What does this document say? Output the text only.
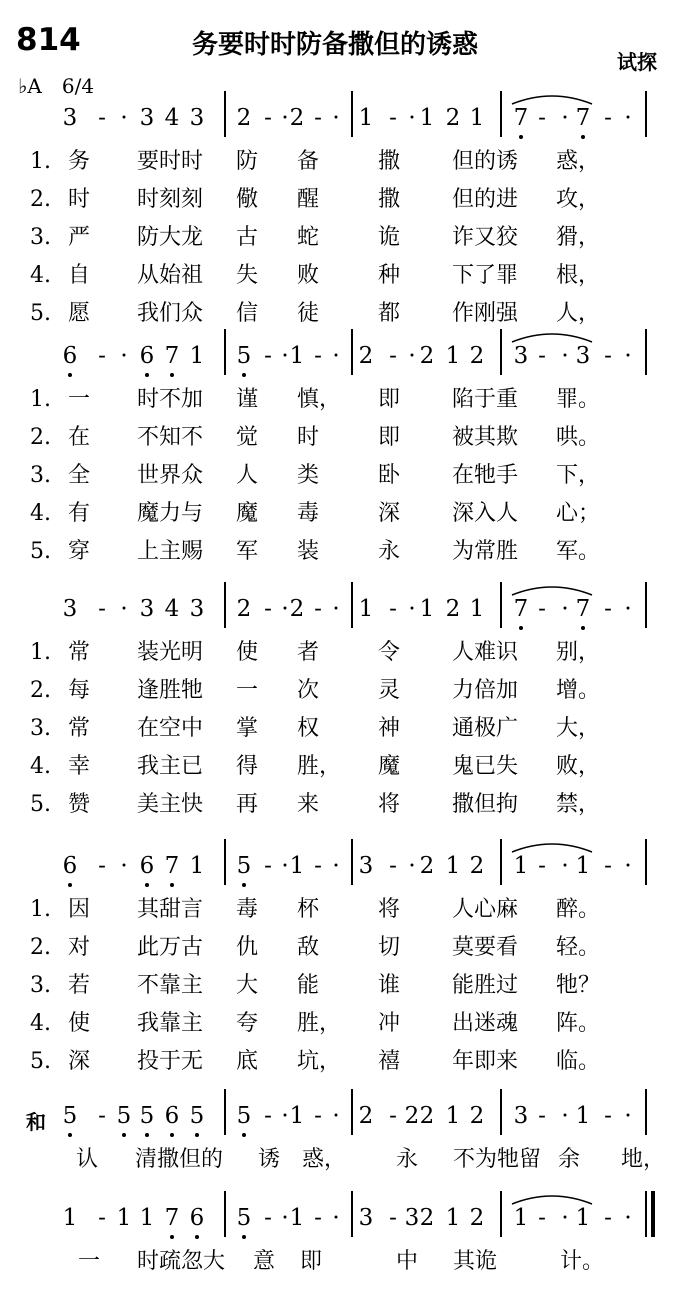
814	务要时时防备撒但的诱惑
试探
♭A　6/4
和
3 - · 3 4 3 2 - · 2 - · 1 - · 1 2 1 7 - · 7 - ·
1. 务 要时时 防 备	撒 但的诱 惑，
2. 时 时刻刻 儆 醒	撒 但的进 攻，
3. 严 防大龙 古 蛇	诡 诈又狡 猾，
4. 自 从始祖 失 败	种 下了罪 根，
5. 愿 我们众 信 徒	都 作刚强 人，
6 - · 6 7 1 5 - · 1 - · 2 - · 2 1 2 3 - · 3 - ·
1. 一 时不加 谨 慎， 即 陷于重 罪。
2. 在 不知不 觉 时	即 被其欺 哄。
3. 全 世界众 人 类	卧 在牠手 下，
4. 有 魔力与 魔 毒	深 深入人 心；
5. 穿 上主赐 军 装	永 为常胜 军。
3 - · 3 4 3 2 - · 2 - · 1 - · 1 2 1 7 - · 7 - ·
1. 常 装光明 使 者	令 人难识 别，
2. 每 逢胜牠 一 次	灵 力倍加 增。
3. 常 在空中 掌 权	神 通极广 大，
4. 幸 我主已 得 胜， 魔 鬼已失 败，
5. 赞 美主快 再 来	将 撒但拘 禁，
6 - · 6 7 1 5 - · 1 - · 3 - · 2 1 2 1 - · 1 - ·
1. 因 其甜言 毒 杯	将 人心麻 醉。
2. 对 此万古 仇 敌	切 莫要看 轻。
3. 若 不靠主 大 能	谁 能胜过 牠？
4. 使 我靠主 夸 胜， 冲 出迷魂 阵。
5. 深 投于无 底 坑， 禧 年即来 临。
5 - 5 5 6 5 5 - · 1 - · 2 - 2 2 1 2 3 - · 1 - ·
认 清撒但的 诱 惑， 永 不为牠留 余 地，
1 - 1 1 7 6 5 - · 1 - · 3 - 3 2 1 2 1 - · 1 - ·
一 时疏忽大 意 即	中 其诡	计。
